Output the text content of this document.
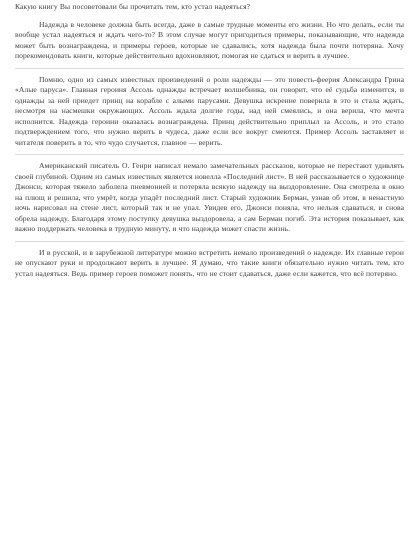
Какую книгу Вы посоветовали бы прочитать тем, кто устал надеяться?

Надежда в человеке должна быть всегда, даже в самые трудные моменты его жизни. Но что делать, если ты вообще устал надеяться и ждать чего-то? В этом случае могут пригодиться примеры, показывающие, что надежда может быть вознаграждена, и примеры героев, которые не сдавались, хотя надежда была почти потеряна. Хочу порекомендовать книги, которые действительно вдохновляют, помогая не сдаться и верить в лучшее.

Помню, одно из самых известных произведений о роли надежды — это повесть-феерия Александра Грина «Алые паруса». Главная героиня Ассоль однажды встречает волшебника, он говорит, что её судьба изменится, и однажды за ней приедет принц на корабле с алыми парусами. Девушка искренне поверила в это и стала ждать, несмотря на насмешки окружающих. Ассоль ждала долгие годы, над ней смеялись, и она верила, что мечта исполнится. Надежда героини оказалась вознаграждена. Принц действительно приплыл за Ассоль, и это стало подтверждением того, что нужно верить в чудеса, даже если все вокруг смеются. Пример Ассоль заставляет и читателя поверить в то, что чудо случается, главное — верить.

Американский писатель О. Генри написал немало замечательных рассказов, которые не перестают удивлять своей глубиной. Одним из самых известных является новелла «Последний лист». В ней рассказывается о художнице Джонси, которая тяжело заболела пневмонией и потеряла всякую надежду на выздоровление. Она смотрела в окно на плющ и решила, что умрёт, когда упадёт последний лист. Старый художник Берман, узнав об этом, в ненастную ночь нарисовал на стене лист, который так и не упал. Увидев его, Джонси поняла, что нельзя сдаваться, и снова обрела надежду. Благодаря этому поступку девушка выздоровела, а сам Берман погиб. Эта история показывает, как важно поддержать человека в трудную минуту, и что надежда может спасти жизнь.

И в русской, и в зарубежной литературе можно встретить немало произведений о надежде. Их главные герои не опускают руки и продолжают верить в лучшее. Я думаю, что такие книги обязательно нужно читать тем, кто устал надеяться. Ведь пример героев поможет понять, что не стоит сдаваться, даже если кажется, что всё потеряно.
